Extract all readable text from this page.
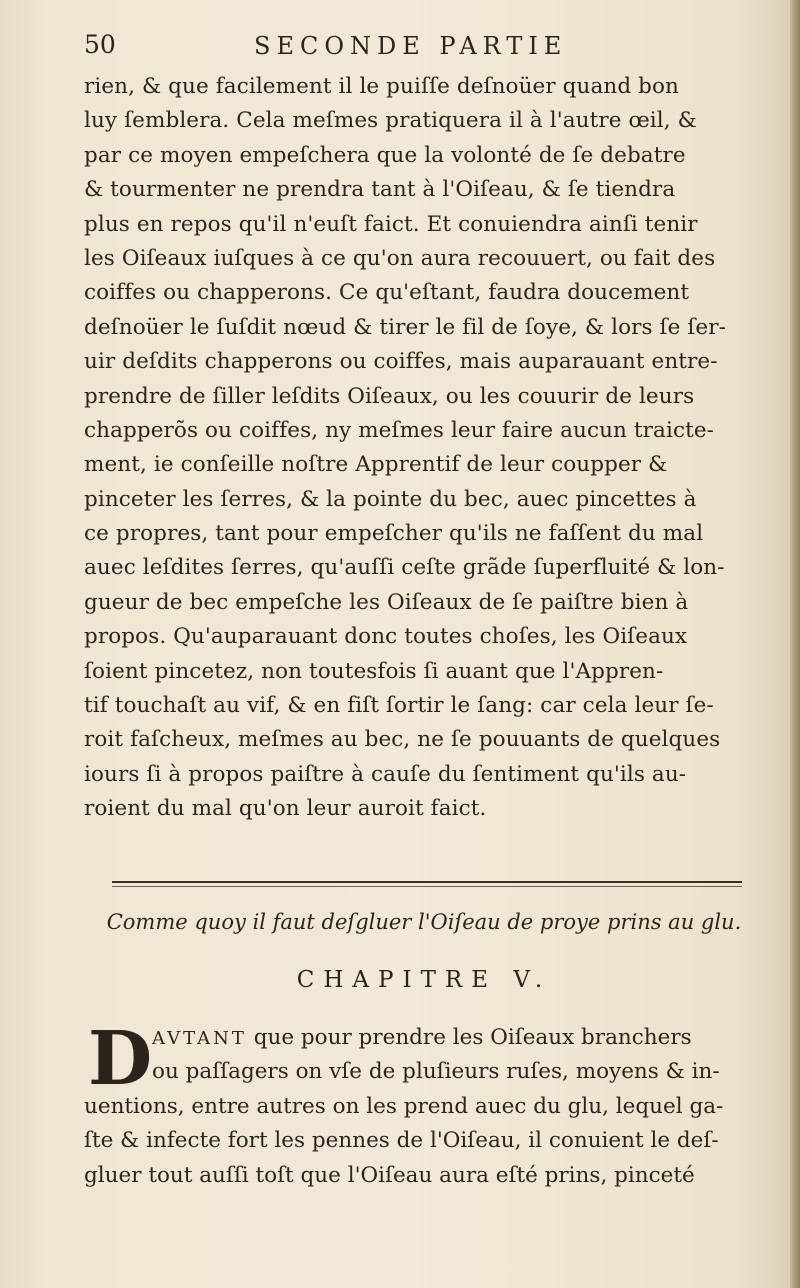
50	SECONDE PARTIE
rien, & que facilement il le puiſſe deſnoüer quand bon
luy ſemblera. Cela meſmes pratiquera il à l'autre œil, &
par ce moyen empeſchera que la volonté de ſe debatre
& tourmenter ne prendra tant à l'Oiſeau, & ſe tiendra
plus en repos qu'il n'euſt faict. Et conuiendra ainſi tenir
les Oiſeaux iuſques à ce qu'on aura recouuert, ou fait des
coiffes ou chapperons. Ce qu'eſtant, faudra doucement
deſnoüer le ſuſdit nœud & tirer le fil de ſoye, & lors ſe ſer-
uir deſdits chapperons ou coiffes, mais auparauant entre-
prendre de ſiller leſdits Oiſeaux, ou les couurir de leurs
chapperõs ou coiffes, ny meſmes leur faire aucun traicte-
ment, ie conſeille noſtre Apprentif de leur coupper &
pinceter les ſerres, & la pointe du bec, auec pincettes à
ce propres, tant pour empeſcher qu'ils ne faſſent du mal
auec leſdites ſerres, qu'auſſi ceſte grãde ſuperfluité & lon-
gueur de bec empeſche les Oiſeaux de ſe paiſtre bien à
propos. Qu'auparauant donc toutes choſes, les Oiſeaux
ſoient pincetez, non toutesfois ſi auant que l'Appren-
tif touchaſt au vif, & en fiſt ſortir le ſang: car cela leur ſe-
roit faſcheux, meſmes au bec, ne ſe pouuants de quelques
iours ſi à propos paiſtre à cauſe du ſentiment qu'ils au-
roient du mal qu'on leur auroit faict.
Comme quoy il faut deſgluer l'Oiſeau de proye prins au glu.
CHAPITRE V.
D AVTANT que pour prendre les Oiſeaux branchers
ou paſſagers on vſe de pluſieurs ruſes, moyens & in-
uentions, entre autres on les prend auec du glu, lequel ga-
ſte & infecte fort les pennes de l'Oiſeau, il conuient le deſ-
gluer tout auſſi toſt que l'Oiſeau aura eſté prins, pinceté
